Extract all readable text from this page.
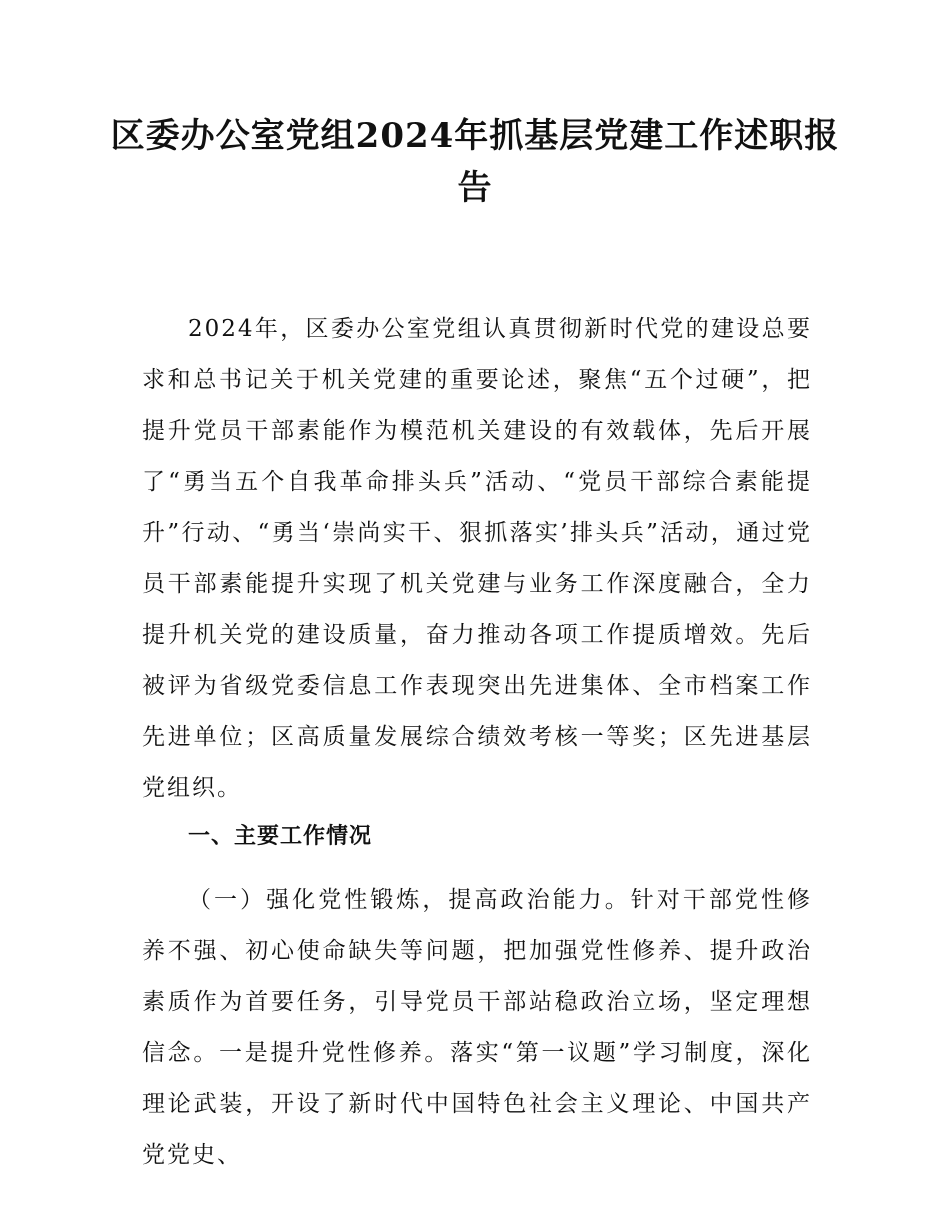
区委办公室党组2024年抓基层党建工作述职报告

2024年，区委办公室党组认真贯彻新时代党的建设总要求和总书记关于机关党建的重要论述，聚焦“五个过硬”，把提升党员干部素能作为模范机关建设的有效载体，先后开展了“勇当五个自我革命排头兵”活动、“党员干部综合素能提升”行动、“勇当‘崇尚实干、狠抓落实’排头兵”活动，通过党员干部素能提升实现了机关党建与业务工作深度融合，全力提升机关党的建设质量，奋力推动各项工作提质增效。先后被评为省级党委信息工作表现突出先进集体、全市档案工作先进单位；区高质量发展综合绩效考核一等奖；区先进基层党组织。

一、主要工作情况

（一）强化党性锻炼，提高政治能力。针对干部党性修养不强、初心使命缺失等问题，把加强党性修养、提升政治素质作为首要任务，引导党员干部站稳政治立场，坚定理想信念。一是提升党性修养。落实“第一议题”学习制度，深化理论武装，开设了新时代中国特色社会主义理论、中国共产党党史、
